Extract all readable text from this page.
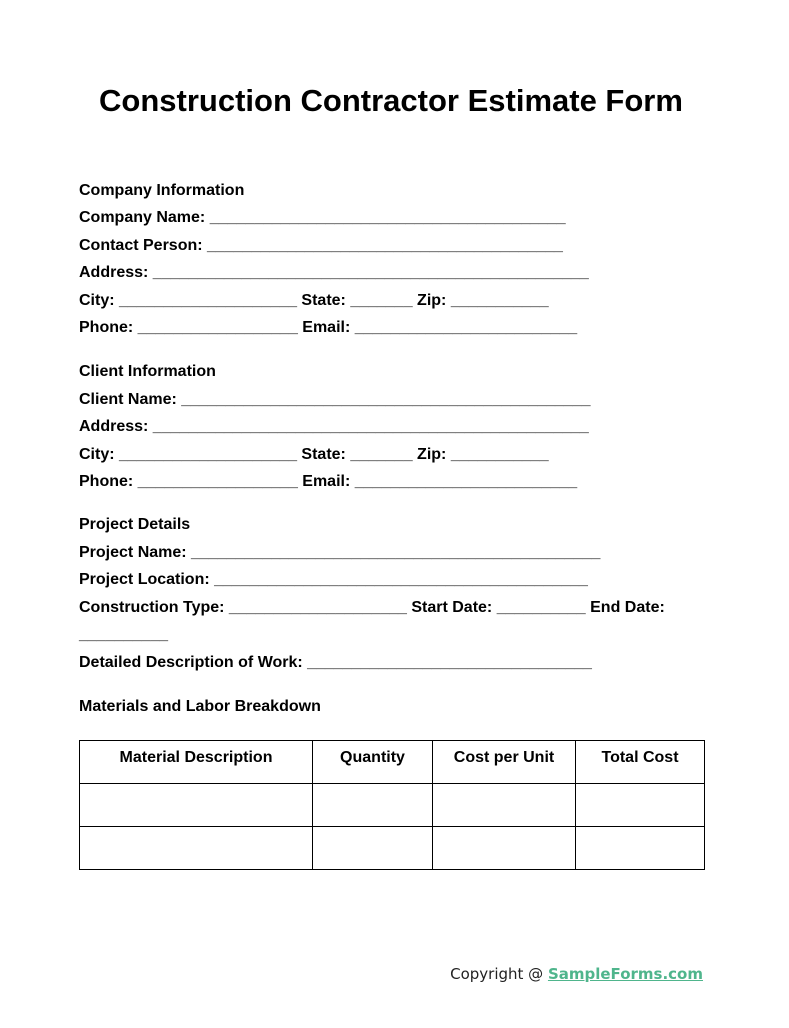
Construction Contractor Estimate Form
Company Information
Company Name: ________________________________________
Contact Person: ________________________________________
Address: _________________________________________________
City: ____________________ State: _______ Zip: ___________
Phone: __________________ Email: _________________________
Client Information
Client Name: ______________________________________________
Address: _________________________________________________
City: ____________________ State: _______ Zip: ___________
Phone: __________________ Email: _________________________
Project Details
Project Name: ______________________________________________
Project Location: __________________________________________
Construction Type: ____________________ Start Date: __________ End Date:
__________
Detailed Description of Work: ________________________________
Materials and Labor Breakdown
Material Description	Quantity	Cost per Unit	Total Cost

Copyright @ SampleForms.com
